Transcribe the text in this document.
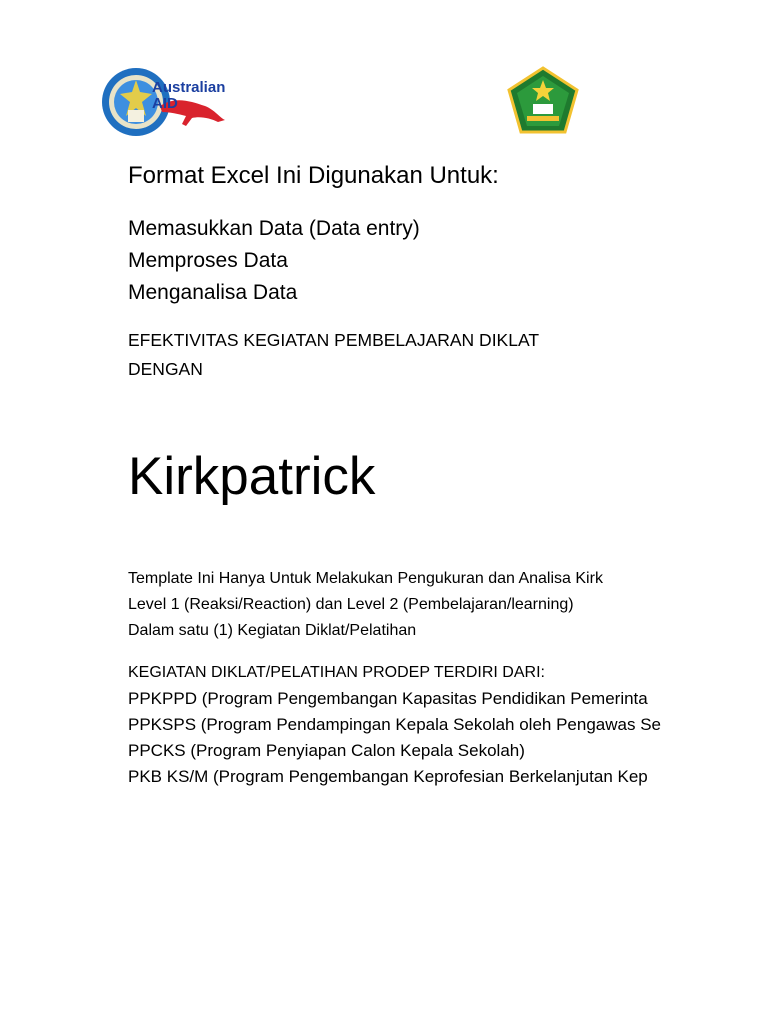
Australian
AID
Format Excel Ini Digunakan Untuk:
Memasukkan Data (Data entry)
Memproses Data
Menganalisa Data
EFEKTIVITAS KEGIATAN PEMBELAJARAN DIKLAT
DENGAN
Kirkpatrick
Template Ini Hanya Untuk Melakukan Pengukuran dan Analisa Kirk
Level 1 (Reaksi/Reaction) dan Level 2 (Pembelajaran/learning)
Dalam satu (1) Kegiatan Diklat/Pelatihan
KEGIATAN DIKLAT/PELATIHAN PRODEP TERDIRI DARI:
PPKPPD (Program Pengembangan Kapasitas Pendidikan Pemerinta
PPKSPS (Program Pendampingan Kepala Sekolah oleh Pengawas Se
PPCKS (Program Penyiapan Calon Kepala Sekolah)
PKB KS/M (Program Pengembangan Keprofesian Berkelanjutan Kep
